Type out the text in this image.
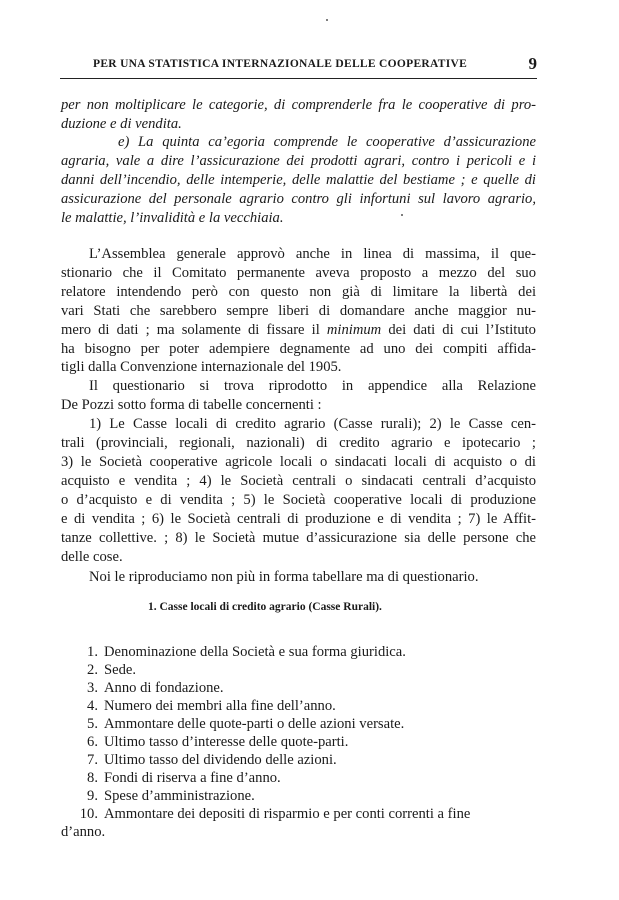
PER UNA STATISTICA INTERNAZIONALE DELLE COOPERATIVE	9
per non moltiplicare le categorie, di comprenderle fra le cooperative di pro-
duzione e di vendita.
e) La quinta ca’egoria comprende le cooperative d’assicurazione
agraria, vale a dire l’assicurazione dei prodotti agrari, contro i pericoli e i
danni dell’incendio, delle intemperie, delle malattie del bestiame ; e quelle di
assicurazione del personale agrario contro gli infortuni sul lavoro agrario,
le malattie, l’invalidità e la vecchiaia.
L’Assemblea generale approvò anche in linea di massima, il que-
stionario che il Comitato permanente aveva proposto a mezzo del suo
relatore intendendo però con questo non già di limitare la libertà dei
vari Stati che sarebbero sempre liberi di domandare anche maggior nu-
mero di dati ; ma solamente di fissare il minimum dei dati di cui l’Istituto
ha bisogno per poter adempiere degnamente ad uno dei compiti affida-
tigli dalla Convenzione internazionale del 1905.
Il questionario si trova riprodotto in appendice alla Relazione
De Pozzi sotto forma di tabelle concernenti :
1) Le Casse locali di credito agrario (Casse rurali); 2) le Casse cen-
trali (provinciali, regionali, nazionali) di credito agrario e ipotecario ;
3) le Società cooperative agricole locali o sindacati locali di acquisto o di
acquisto e vendita ; 4) le Società centrali o sindacati centrali d’acquisto
o d’acquisto e di vendita ; 5) le Società cooperative locali di produzione
e di vendita ; 6) le Società centrali di produzione e di vendita ; 7) le Affit-
tanze collettive. ; 8) le Società mutue d’assicurazione sia delle persone che
delle cose.
Noi le riproduciamo non più in forma tabellare ma di questionario.
1. Casse locali di credito agrario (Casse Rurali).
1. Denominazione della Società e sua forma giuridica.
2. Sede.
3. Anno di fondazione.
4. Numero dei membri alla fine dell’anno.
5. Ammontare delle quote-parti o delle azioni versate.
6. Ultimo tasso d’interesse delle quote-parti.
7. Ultimo tasso del dividendo delle azioni.
8. Fondi di riserva a fine d’anno.
9. Spese d’amministrazione.
10. Ammontare dei depositi di risparmio e per conti correnti a fine
d’anno.
